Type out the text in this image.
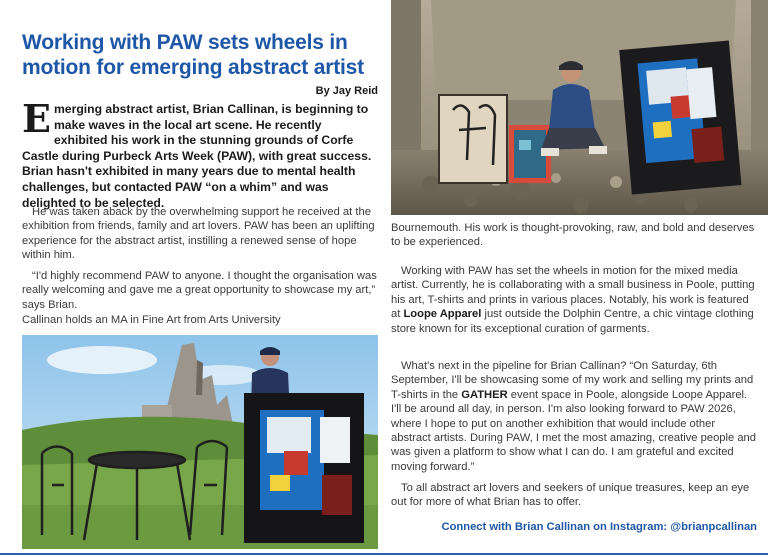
Working with PAW sets wheels in motion for emerging abstract artist
By Jay Reid

Emerging abstract artist, Brian Callinan, is beginning to make waves in the local art scene. He recently exhibited his work in the stunning grounds of Corfe Castle during Purbeck Arts Week (PAW), with great success. Brian hasn't exhibited in many years due to mental health challenges, but contacted PAW “on a whim” and was delighted to be selected.

He was taken aback by the overwhelming support he received at the exhibition from friends, family and art lovers. PAW has been an uplifting experience for the abstract artist, instilling a renewed sense of hope within him.

“I'd highly recommend PAW to anyone. I thought the organisation was really welcoming and gave me a great opportunity to showcase my art,” says Brian.

Callinan holds an MA in Fine Art from Arts University

Bournemouth. His work is thought-provoking, raw, and bold and deserves to be experienced.

Working with PAW has set the wheels in motion for the mixed media artist. Currently, he is collaborating with a small business in Poole, putting his art, T-shirts and prints in various places. Notably, his work is featured at Loope Apparel just outside the Dolphin Centre, a chic vintage clothing store known for its exceptional curation of garments.

What's next in the pipeline for Brian Callinan? “On Saturday, 6th September, I'll be showcasing some of my work and selling my prints and T-shirts in the GATHER event space in Poole, alongside Loope Apparel. I'll be around all day, in person. I'm also looking forward to PAW 2026, where I hope to put on another exhibition that would include other abstract artists. During PAW, I met the most amazing, creative people and was given a platform to show what I can do. I am grateful and excited moving forward.”

To all abstract art lovers and seekers of unique treasures, keep an eye out for more of what Brian has to offer.

Connect with Brian Callinan on Instagram: @brianpcallinan
